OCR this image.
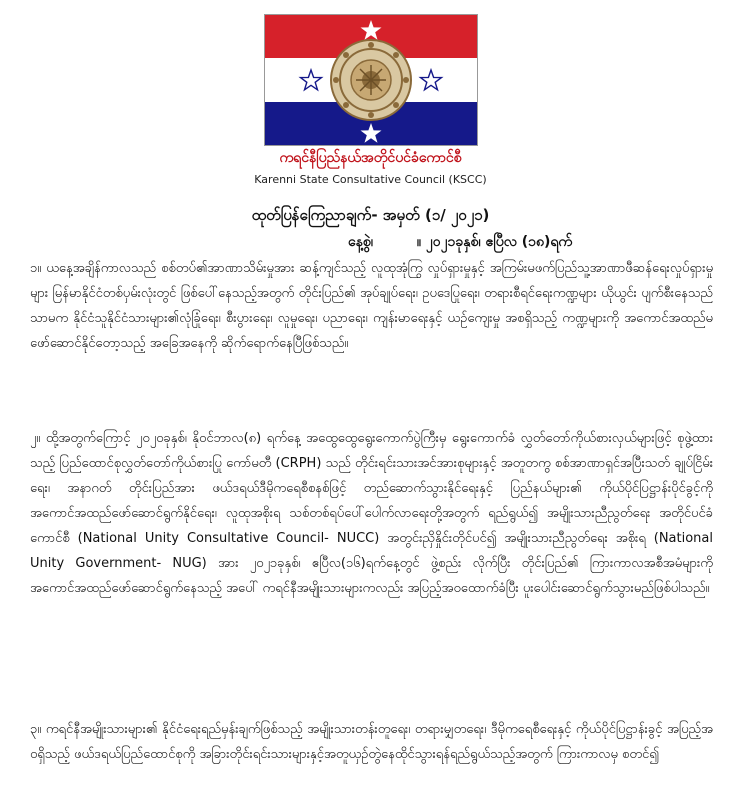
ကရင်နီပြည်နယ်အတိုင်ပင်ခံကောင်စီ
Karenni State Consultative Council (KSCC)
ထုတ်ပြန်ကြေညာချက်- အမှတ် (၁/ ၂၀၂၁)
နေ့စွဲ၊         ။ ၂၀၂၁ခုနှစ်၊ ဧပြီလ (၁၈)ရက်

၁။ ယနေ့အချိန်ကာလသည် စစ်တပ်၏အာဏာသိမ်းမှုအား ဆန့်ကျင်သည့် လူထုအုံကြွ လှုပ်ရှားမှုနှင့် အကြမ်းမဖက်ပြည်သူ့အာဏာဖီဆန်ရေးလှုပ်ရှားမှုများ မြန်မာနိုင်ငံတစ်ပှမ်းလုံးတွင် ဖြစ်ပေါ်နေသည့်အတွက် တိုင်းပြည်၏ အုပ်ချုပ်ရေး၊ ဥပဒေပြုရေး၊ တရားစီရင်ရေးကဏ္ဍများ ယိုယွင်း ပျက်စီးနေသည်သာမက နိုင်ငံသူနိုင်ငံသားများ၏လုံခြုံရေး၊ စီးပွားရေး၊ လူမှုရေး၊ ပညာရေး၊ ကျန်းမာရေးနှင့် ယဉ်ကျေးမှု အစရှိသည့် ကဏ္ဍများကို အကောင်အထည်မဖော်ဆောင်နိုင်တော့သည့် အခြေအနေကို ဆိုက်ရောက်နေပြီဖြစ်သည်။

၂။ ထို့အတွက်ကြောင့် ၂၀၂၀ခုနှစ်၊ နိုဝင်ဘာလ(၈) ရက်နေ့ အထွေထွေရွေးကောက်ပွဲကြီးမှ ရွေးကောက်ခံ လွှတ်တော်ကိုယ်စားလှယ်များဖြင့် စုဖွဲ့ထားသည့် ပြည်ထောင်စုလွှတ်တော်ကိုယ်စားပြု ကော်မတီ (CRPH) သည် တိုင်းရင်းသားအင်အားစုများနှင့် အတူတကွ စစ်အာဏာရှင်အပြီးသတ် ချုပ်ငြိမ်းရေး၊ အနာဂတ် တိုင်းပြည်အား ဖယ်ဒရယ်ဒီမိုကရေစီစနစ်ဖြင့် တည်ဆောက်သွားနိုင်ရေးနှင့် ပြည်နယ်များ၏ ကိုယ်ပိုင်ပြဋ္ဌာန်းပိုင်ခွင့်ကို အကောင်အထည်ဖော်ဆောင်ရွက်နိုင်ရေး၊ လူထုအစိုးရ သစ်တစ်ရပ်ပေါ်ပေါက်လာရေးတို့အတွက် ရည်ရွယ်၍ အမျိုးသားညီညွတ်ရေး အတိုင်ပင်ခံကောင်စီ (National Unity Consultative Council- NUCC) အတွင်းညှိနှိုင်းတိုင်ပင်၍ အမျိုးသားညီညွတ်ရေး အစိုးရ (National Unity Government- NUG) အား ၂၀၂၁ခုနှစ်၊ ဧပြီလ(၁၆)ရက်နေ့တွင် ဖွဲ့စည်း လိုက်ပြီး တိုင်းပြည်၏ ကြားကာလအစီအမံများကို အကောင်အထည်ဖော်ဆောင်ရွက်နေသည့် အပေါ် ကရင်နီအမျိုးသားများကလည်း အပြည့်အဝထောက်ခံပြီး ပူးပေါင်းဆောင်ရွက်သွားမည်ဖြစ်ပါသည်။

၃။ ကရင်နီအမျိုးသားများ၏ နိုင်ငံရေးရည်မှန်းချက်ဖြစ်သည့် အမျိုးသားတန်းတူရေး၊ တရားမျှတရေး၊ ဒီမိုကရေစီရေးနှင့် ကိုယ်ပိုင်ပြဋ္ဌာန်းခွင့် အပြည့်အဝရှိသည့် ဖယ်ဒရယ်ပြည်ထောင်စုကို အခြားတိုင်းရင်းသားများနှင့်အတူယှဉ်တွဲနေထိုင်သွားရန်ရည်ရွယ်သည့်အတွက် ကြားကာလမှ စတင်၍
